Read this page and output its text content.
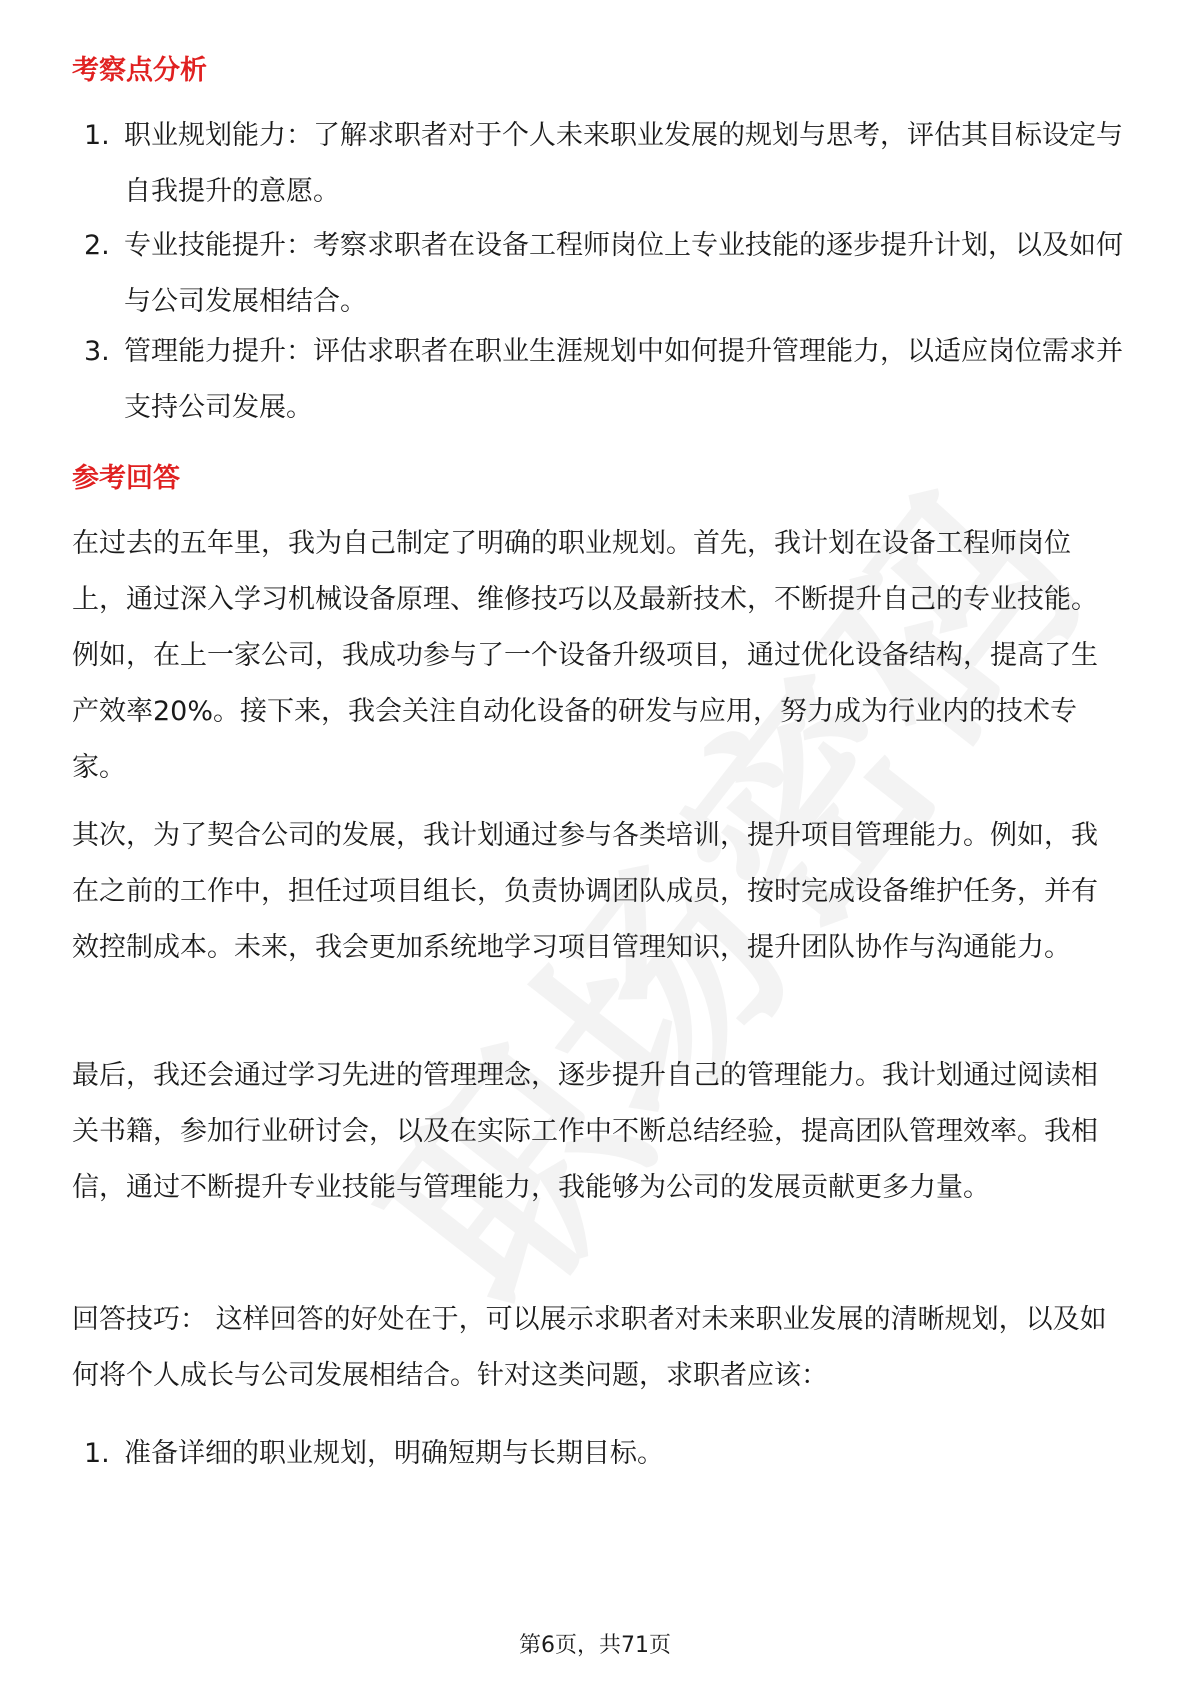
考察点分析
1. 职业规划能力：了解求职者对于个人未来职业发展的规划与思考，评估其目标设定与自我提升的意愿。
2. 专业技能提升：考察求职者在设备工程师岗位上专业技能的逐步提升计划，以及如何与公司发展相结合。
3. 管理能力提升：评估求职者在职业生涯规划中如何提升管理能力，以适应岗位需求并支持公司发展。
参考回答
在过去的五年里，我为自己制定了明确的职业规划。首先，我计划在设备工程师岗位上，通过深入学习机械设备原理、维修技巧以及最新技术，不断提升自己的专业技能。例如，在上一家公司，我成功参与了一个设备升级项目，通过优化设备结构，提高了生产效率20%。接下来，我会关注自动化设备的研发与应用，努力成为行业内的技术专家。
其次，为了契合公司的发展，我计划通过参与各类培训，提升项目管理能力。例如，我在之前的工作中，担任过项目组长，负责协调团队成员，按时完成设备维护任务，并有效控制成本。未来，我会更加系统地学习项目管理知识，提升团队协作与沟通能力。
最后，我还会通过学习先进的管理理念，逐步提升自己的管理能力。我计划通过阅读相关书籍，参加行业研讨会，以及在实际工作中不断总结经验，提高团队管理效率。我相信，通过不断提升专业技能与管理能力，我能够为公司的发展贡献更多力量。
回答技巧： 这样回答的好处在于，可以展示求职者对未来职业发展的清晰规划，以及如何将个人成长与公司发展相结合。针对这类问题，求职者应该：
1. 准备详细的职业规划，明确短期与长期目标。
第6页，共71页
